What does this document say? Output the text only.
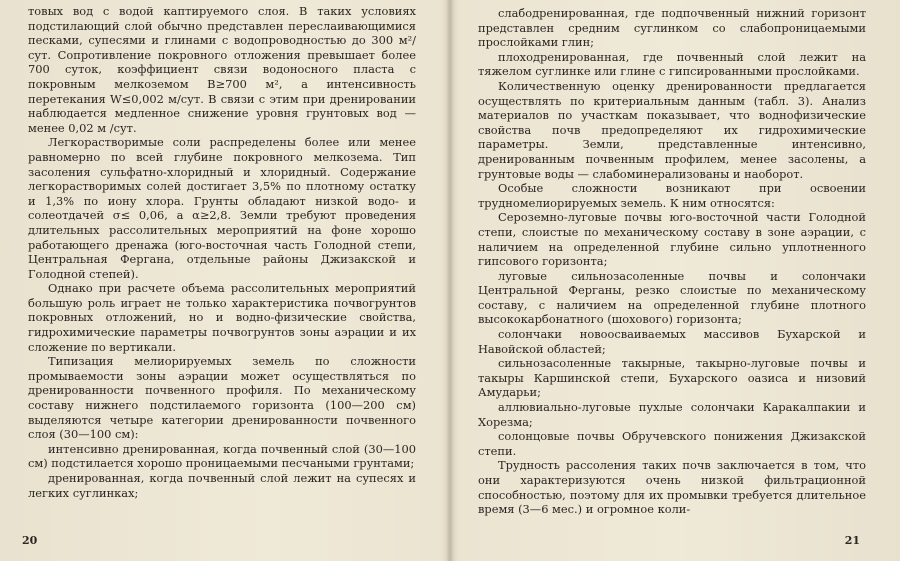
товых вод с водой каптируемого слоя. В таких условиях подстилающий слой обычно представлен переслаивающимися песками, супесями и глинами с водопроводностью до 300 м²/сут. Сопротивление покровного отложения превышает более 700 суток, коэффициент связи водоносного пласта с покровным мелкоземом B≥700 м², а интенсивность перетекания W≤0,002 м/сут. В связи с этим при дренировании наблюдается медленное снижение уровня грунтовых вод — менее 0,02 м /сут.

Легкорастворимые соли распределены более или менее равномерно по всей глубине покровного мелкозема. Тип засоления сульфатно-хлоридный и хлоридный. Содержание легкорастворимых солей достигает 3,5% по плотному остатку и 1,3% по иону хлора. Грунты обладают низкой водо- и солеотдачей σ≤ 0,06, а α≥2,8. Земли требуют проведения длительных рассолительных мероприятий на фоне хорошо работающего дренажа (юго-восточная часть Голодной степи, Центральная Фергана, отдельные районы Джизакской и Голодной степей).

Однако при расчете объема рассолительных мероприятий большую роль играет не только характеристика почвогрунтов покровных отложений, но и водно-физические свойства, гидрохимические параметры почвогрунтов зоны аэрации и их сложение по вертикали.

Типизация мелиорируемых земель по сложности промываемости зоны аэрации может осуществляться по дренированности почвенного профиля. По механическому составу нижнего подстилаемого горизонта (100—200 см) выделяются четыре категории дренированности почвенного слоя (30—100 см):

интенсивно дренированная, когда почвенный слой (30—100 см) подстилается хорошо проницаемыми песчаными грунтами;

дренированная, когда почвенный слой лежит на супесях и легких суглинках;

20

слабодренированная, где подпочвенный нижний горизонт представлен средним суглинком со слабопроницаемыми прослойками глин;

плоходренированная, где почвенный слой лежит на тяжелом суглинке или глине с гипсированными прослойками.

Количественную оценку дренированности предлагается осуществлять по критериальным данным (табл. 3). Анализ материалов по участкам показывает, что воднофизические свойства почв предопределяют их гидрохимические параметры. Земли, представленные интенсивно, дренированным почвенным профилем, менее засолены, а грунтовые воды — слабоминерализованы и наоборот.

Особые сложности возникают при освоении трудномелиорируемых земель. К ним относятся:

Сероземно-луговые почвы юго-восточной части Голодной степи, слоистые по механическому составу в зоне аэрации, с наличием на определенной глубине сильно уплотненного гипсового горизонта;

луговые сильнозасоленные почвы и солончаки Центральной Ферганы, резко слоистые по механическому составу, с наличием на определенной глубине плотного высококарбонатного (шохового) горизонта;

солончаки новоосваиваемых массивов Бухарской и Навойской областей;

сильнозасоленные такырные, такырно-луговые почвы и такыры Каршинской степи, Бухарского оазиса и низовий Амударьи;

аллювиально-луговые пухлые солончаки Каракалпакии и Хорезма;

солонцовые почвы Обручевского понижения Джизакской степи.

Трудность рассоления таких почв заключается в том, что они характеризуются очень низкой фильтрационной способностью, поэтому для их промывки требуется длительное время (3—6 мес.) и огромное коли-

21
